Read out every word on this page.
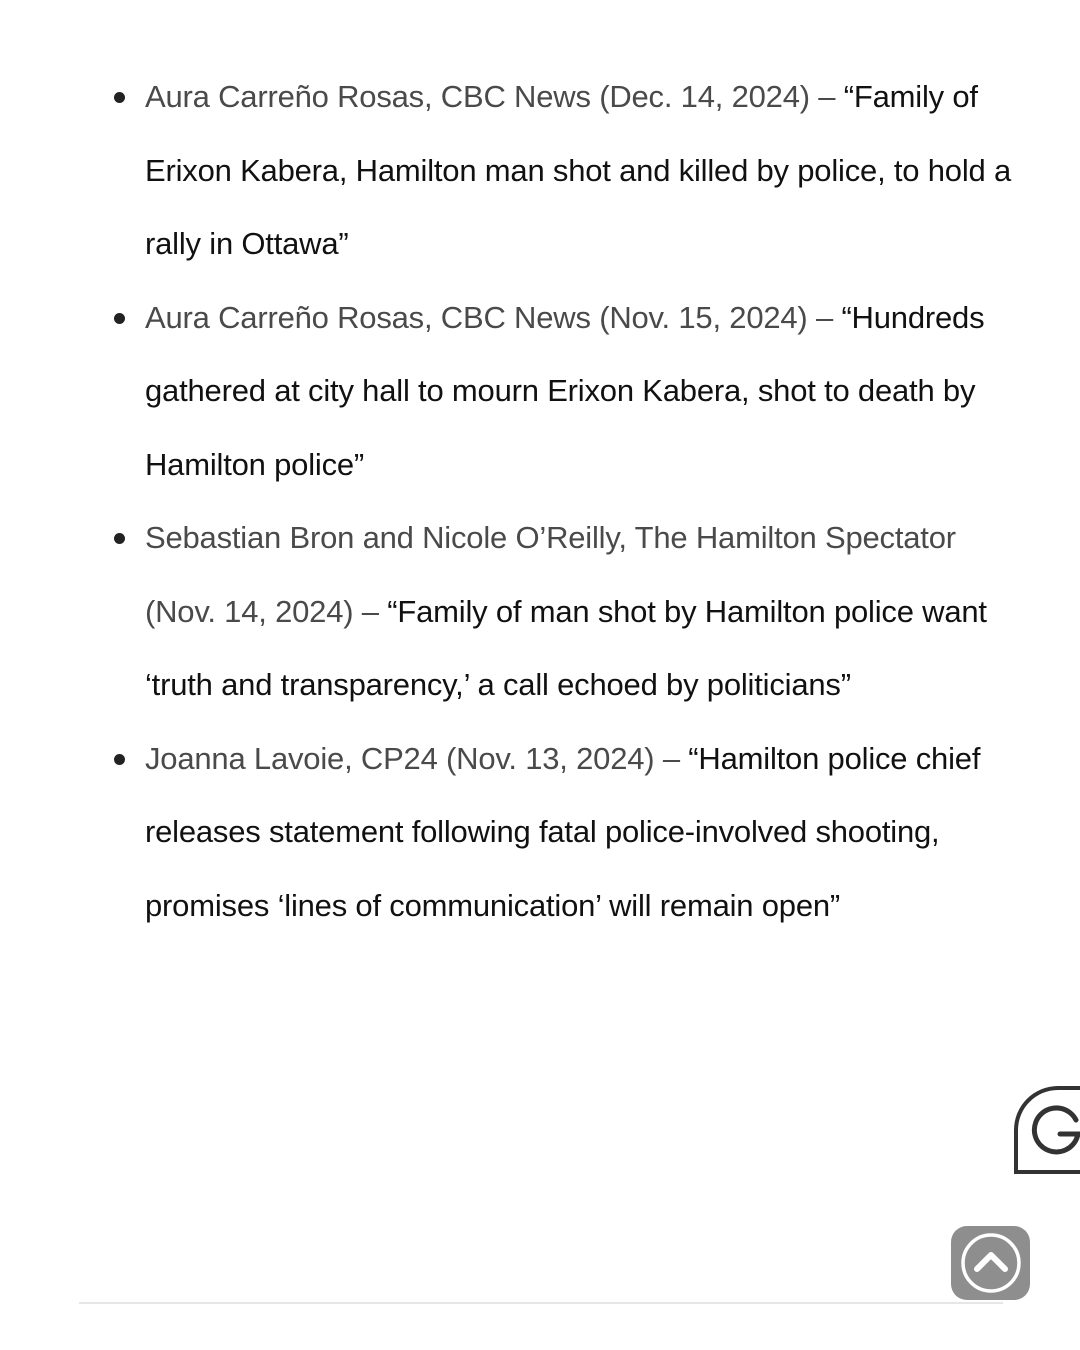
Aura Carreño Rosas, CBC News (Dec. 14, 2024) – “Family of Erixon Kabera, Hamilton man shot and killed by police, to hold a rally in Ottawa”
Aura Carreño Rosas, CBC News (Nov. 15, 2024) – “Hundreds gathered at city hall to mourn Erixon Kabera, shot to death by Hamilton police”
Sebastian Bron and Nicole O’Reilly, The Hamilton Spectator (Nov. 14, 2024) – “Family of man shot by Hamilton police want ‘truth and transparency,’ a call echoed by politicians”
Joanna Lavoie, CP24 (Nov. 13, 2024) – “Hamilton police chief releases statement following fatal police-involved shooting, promises ‘lines of communication’ will remain open”
